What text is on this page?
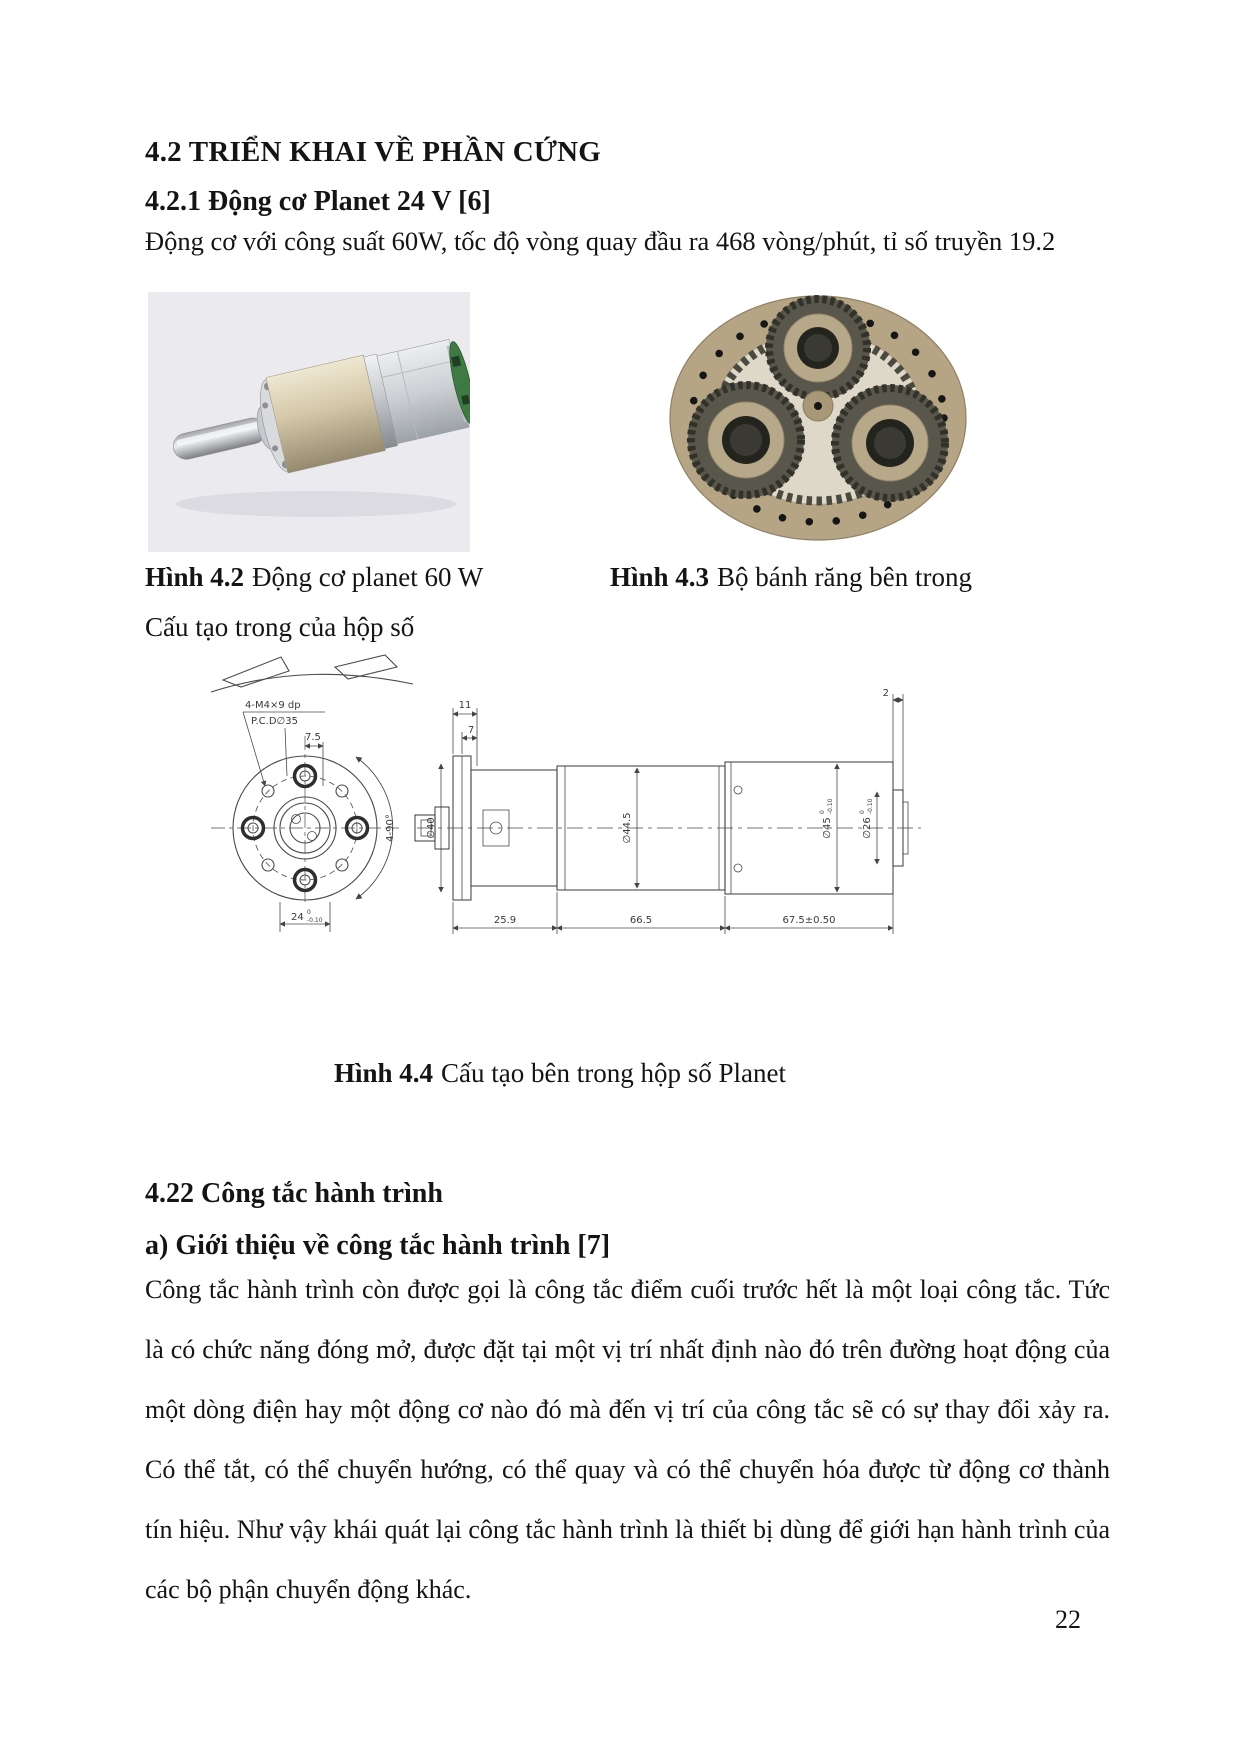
4.2 TRIỂN KHAI VỀ PHẦN CỨNG
4.2.1 Động cơ Planet 24 V [6]
Động cơ với công suất 60W, tốc độ vòng quay đầu ra 468 vòng/phút, tỉ số truyền 19.2
Hình 4.2 Động cơ planet 60 W	Hình 4.3 Bộ bánh răng bên trong
Cấu tạo trong của hộp số
4-M4×9 dp
P.C.D∅35
7.5
4-90°
24 0
-0.10
11
7
2
∅40	∅44.5	∅45
0 -0.10
∅26
0 -0.10
25.9	66.5	67.5±0.50
Hình 4.4 Cấu tạo bên trong hộp số Planet
4.22 Công tắc hành trình
a) Giới thiệu về công tắc hành trình [7]
Công tắc hành trình còn được gọi là công tắc điểm cuối trước hết là một loại công tắc. Tức là có chức năng đóng mở, được đặt tại một vị trí nhất định nào đó trên đường hoạt động của một dòng điện hay một động cơ nào đó mà đến vị trí của công tắc sẽ có sự thay đổi xảy ra. Có thể tắt, có thể chuyển hướng, có thể quay và có thể chuyển hóa được từ động cơ thành tín hiệu. Như vậy khái quát lại công tắc hành trình là thiết bị dùng để giới hạn hành trình của các bộ phận chuyển động khác.
22
